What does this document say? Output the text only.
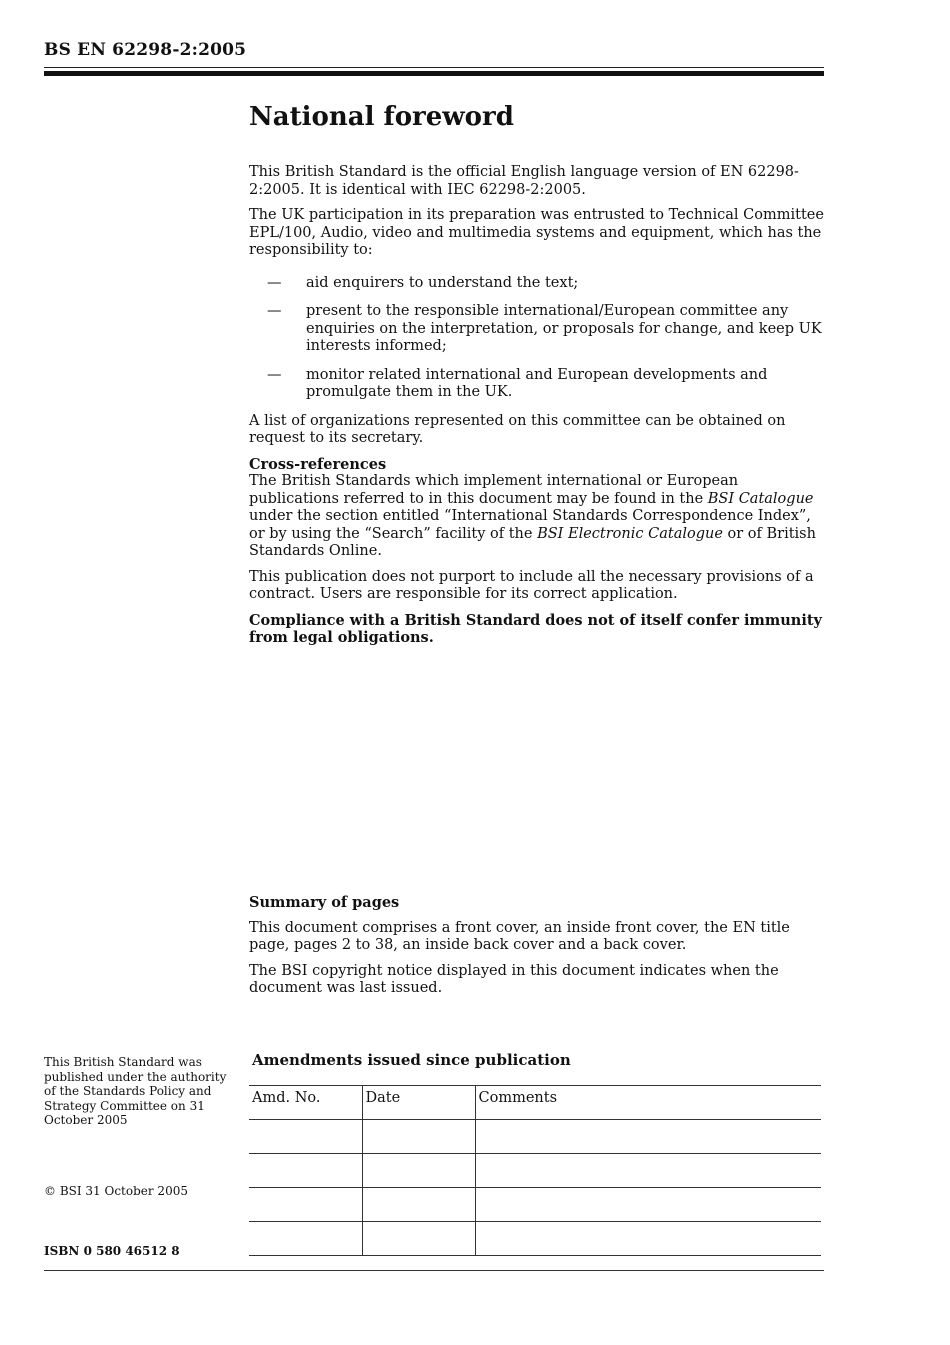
BS EN 62298-2:2005
National foreword

This British Standard is the official English language version of EN 62298-2:2005. It is identical with IEC 62298-2:2005.

The UK participation in its preparation was entrusted to Technical Committee EPL/100, Audio, video and multimedia systems and equipment, which has the responsibility to:

— aid enquirers to understand the text;
— present to the responsible international/European committee any enquiries on the interpretation, or proposals for change, and keep UK interests informed;
— monitor related international and European developments and promulgate them in the UK.

A list of organizations represented on this committee can be obtained on request to its secretary.

Cross-references

The British Standards which implement international or European publications referred to in this document may be found in the BSI Catalogue under the section entitled “International Standards Correspondence Index”, or by using the “Search” facility of the BSI Electronic Catalogue or of British Standards Online.

This publication does not purport to include all the necessary provisions of a contract. Users are responsible for its correct application.

Compliance with a British Standard does not of itself confer immunity from legal obligations.

Summary of pages

This document comprises a front cover, an inside front cover, the EN title page, pages 2 to 38, an inside back cover and a back cover.

The BSI copyright notice displayed in this document indicates when the document was last issued.

This British Standard was published under the authority of the Standards Policy and Strategy Committee on 31 October 2005
© BSI 31 October 2005
ISBN 0 580 46512 8
Amendments issued since publication
Amd. No.	Date	Comments
